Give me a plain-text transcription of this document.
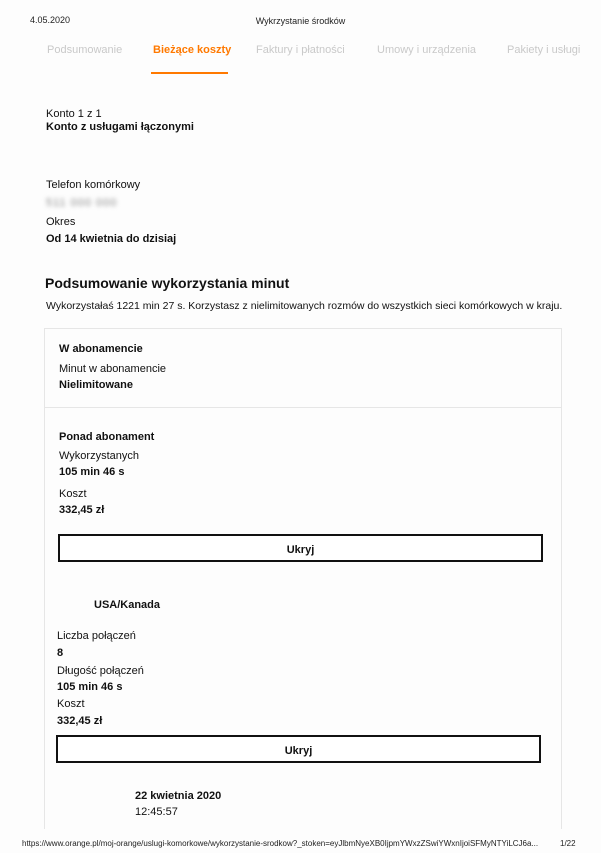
4.05.2020	Wykrzystanie środków
Podsumowanie	Bieżące koszty Faktury i płatności	Umowy i urządzenia	Pakiety i usługi
Konto 1 z 1
Konto z usługami łączonymi
Telefon komórkowy
511 000 000
Okres
Od 14 kwietnia do dzisiaj
Podsumowanie wykorzystania minut
Wykorzystałaś 1221 min 27 s. Korzystasz z nielimitowanych rozmów do wszystkich sieci komórkowych w kraju.
W abonamencie
Minut w abonamencie
Nielimitowane
Ponad abonament
Wykorzystanych
105 min 46 s
Koszt
332,45 zł
Ukryj
USA/Kanada
Liczba połączeń
8
Długość połączeń
105 min 46 s
Koszt
332,45 zł
Ukryj
22 kwietnia 2020
12:45:57
https://www.orange.pl/moj-orange/uslugi-komorkowe/wykorzystanie-srodkow?_stoken=eyJlbmNyeXB0IjpmYWxzZSwiYWxnIjoiSFMyNTYiLCJ6a...	1/22
